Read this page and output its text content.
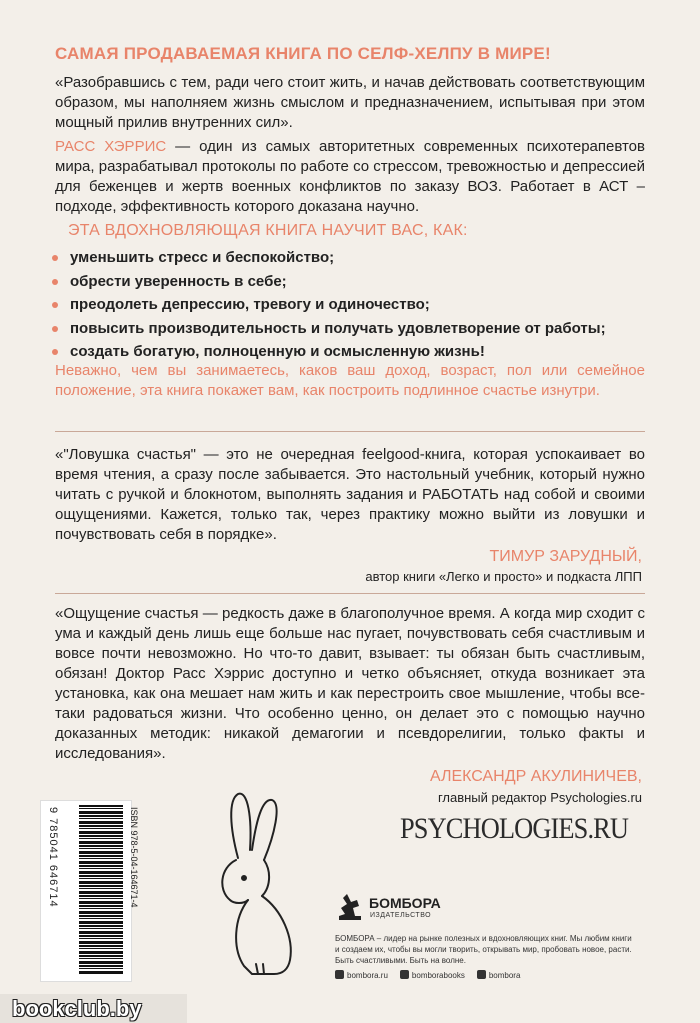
САМАЯ ПРОДАВАЕМАЯ КНИГА ПО СЕЛФ-ХЕЛПУ В МИРЕ!
«Разобравшись с тем, ради чего стоит жить, и начав действовать соответствующим образом, мы наполняем жизнь смыслом и предназначением, испытывая при этом мощный прилив внутренних сил».
РАСС ХЭРРИС — один из самых авторитетных современных психотерапевтов мира, разрабатывал протоколы по работе со стрессом, тревожностью и депрессией для беженцев и жертв военных конфликтов по заказу ВОЗ. Работает в АСТ – подходе, эффективность которого доказана научно.
ЭТА ВДОХНОВЛЯЮЩАЯ КНИГА НАУЧИТ ВАС, КАК:
уменьшить стресс и беспокойство;
обрести уверенность в себе;
преодолеть депрессию, тревогу и одиночество;
повысить производительность и получать удовлетворение от работы;
создать богатую, полноценную и осмысленную жизнь!
Неважно, чем вы занимаетесь, каков ваш доход, возраст, пол или семейное положение, эта книга покажет вам, как построить подлинное счастье изнутри.
«"Ловушка счастья" — это не очередная feelgood-книга, которая успокаивает во время чтения, а сразу после забывается. Это настольный учебник, который нужно читать с ручкой и блокнотом, выполнять задания и РАБОТАТЬ над собой и своими ощущениями. Кажется, только так, через практику можно выйти из ловушки и почувствовать себя в порядке».
ТИМУР ЗАРУДНЫЙ,
автор книги «Легко и просто» и подкаста ЛПП
«Ощущение счастья — редкость даже в благополучное время. А когда мир сходит с ума и каждый день лишь еще больше нас пугает, почувствовать себя счастливым и вовсе почти невозможно. Но что-то давит, взывает: ты обязан быть счастливым, обязан! Доктор Расс Хэррис доступно и четко объясняет, откуда возникает эта установка, как она мешает нам жить и как перестроить свое мышление, чтобы все-таки радоваться жизни. Что особенно ценно, он делает это с помощью научно доказанных методик: никакой демагогии и псевдорелигии, только факты и исследования».
АЛЕКСАНДР АКУЛИНИЧЕВ,
главный редактор Psychologies.ru
PSYCHOLOGIES.RU
9 785041 646714	ISBN 978-5-04-164671-4	БОМБОРА
ИЗДАТЕЛЬСТВО
БОМБОРА – лидер на рынке полезных и вдохновляющих книг. Мы любим книги и создаем их, чтобы вы могли творить, открывать мир, пробовать новое, расти. Быть счастливыми. Быть на волне.
bombora.ru	bomborabooks	bombora
bookclub.by
